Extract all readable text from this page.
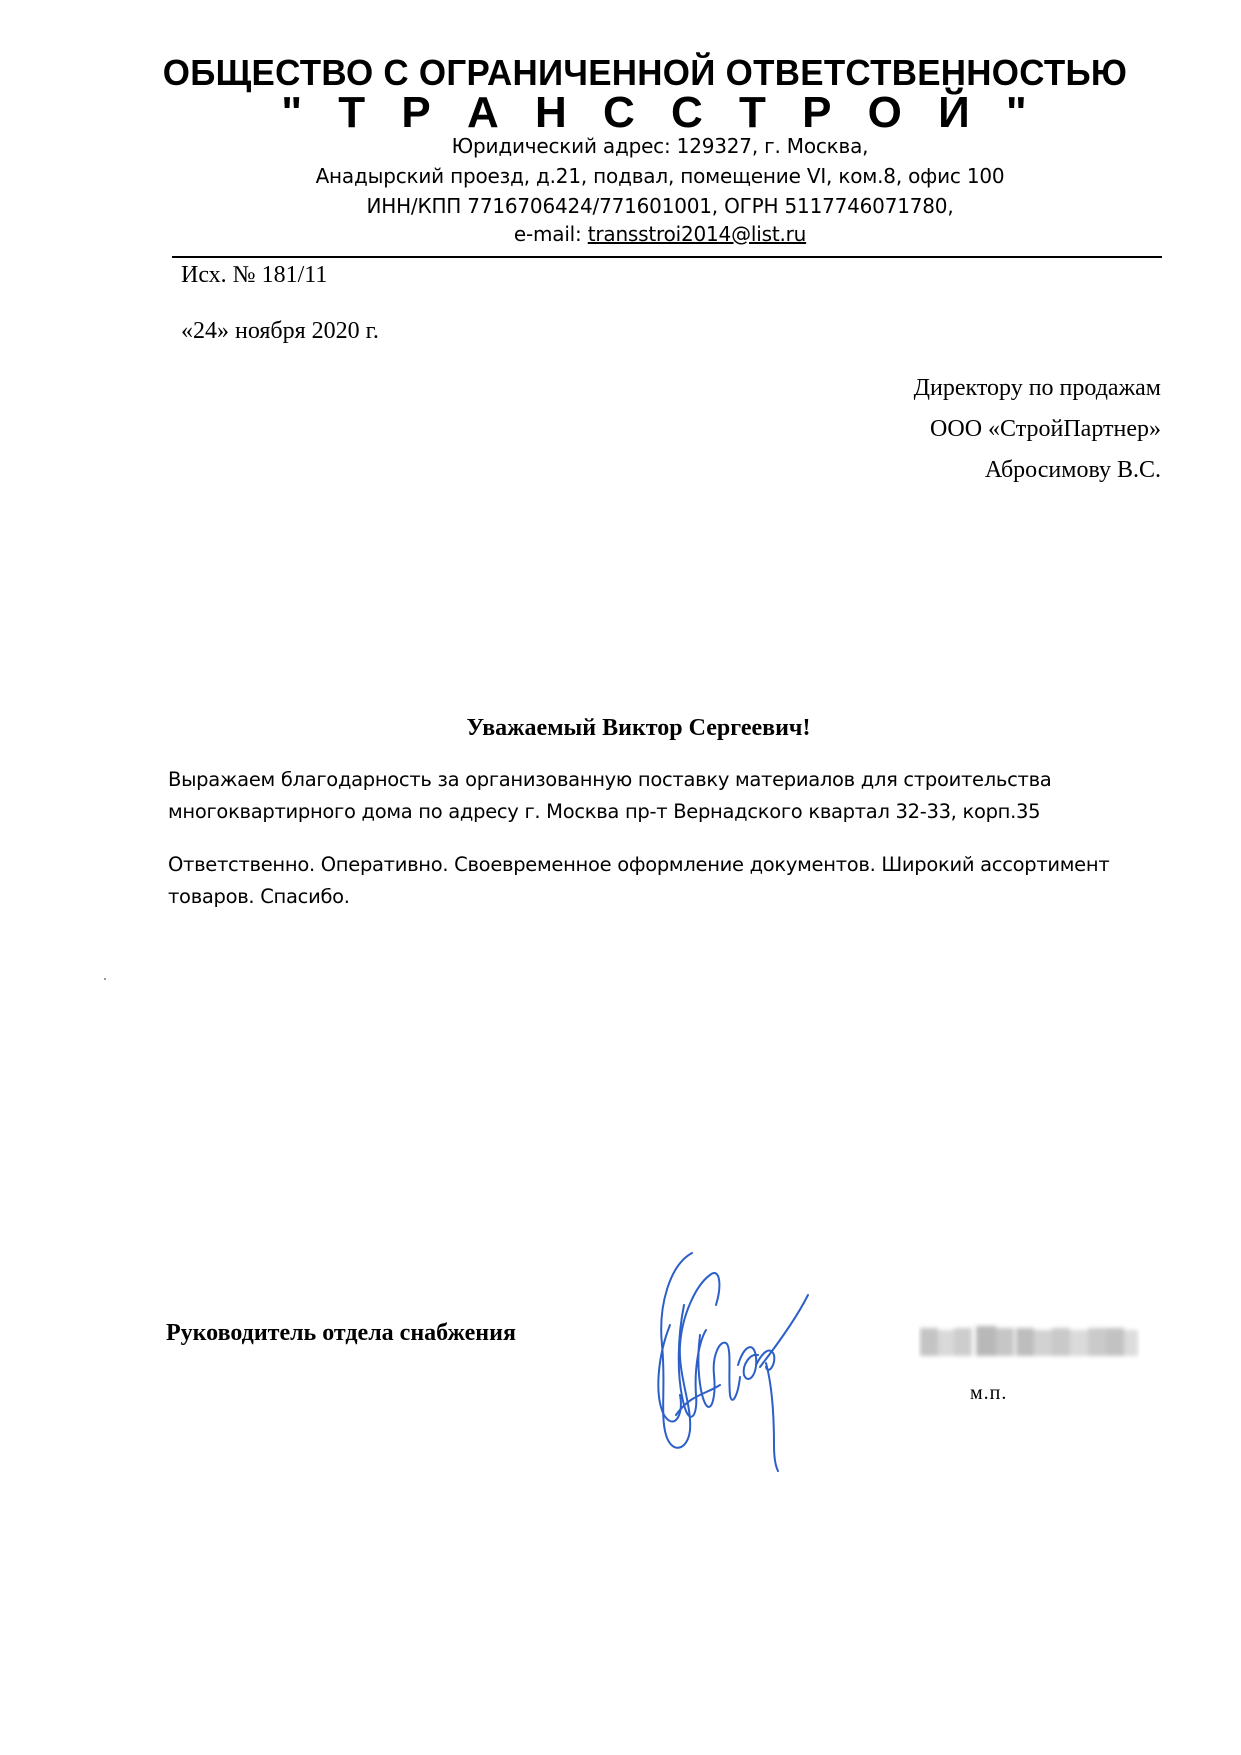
ОБЩЕСТВО С ОГРАНИЧЕННОЙ ОТВЕТСТВЕННОСТЬЮ
" Т Р А Н С С Т Р О Й "
Юридический адрес: 129327, г. Москва,
Анадырский проезд, д.21, подвал, помещение VI, ком.8, офис 100
ИНН/КПП 7716706424/771601001, ОГРН 5117746071780,
e-mail: transstroi2014@list.ru
Исх. № 181/11
«24» ноября 2020 г.
Директору по продажам
ООО «СтройПартнер»
Абросимову В.С.
Уважаемый Виктор Сергеевич!
Выражаем благодарность за организованную поставку материалов для строительства многоквартирного дома по адресу г. Москва пр-т Вернадского квартал 32-33, корп.35
Ответственно. Оперативно. Своевременное оформление документов. Широкий ассортимент товаров. Спасибо.
Руководитель отдела снабжения
м.п.
